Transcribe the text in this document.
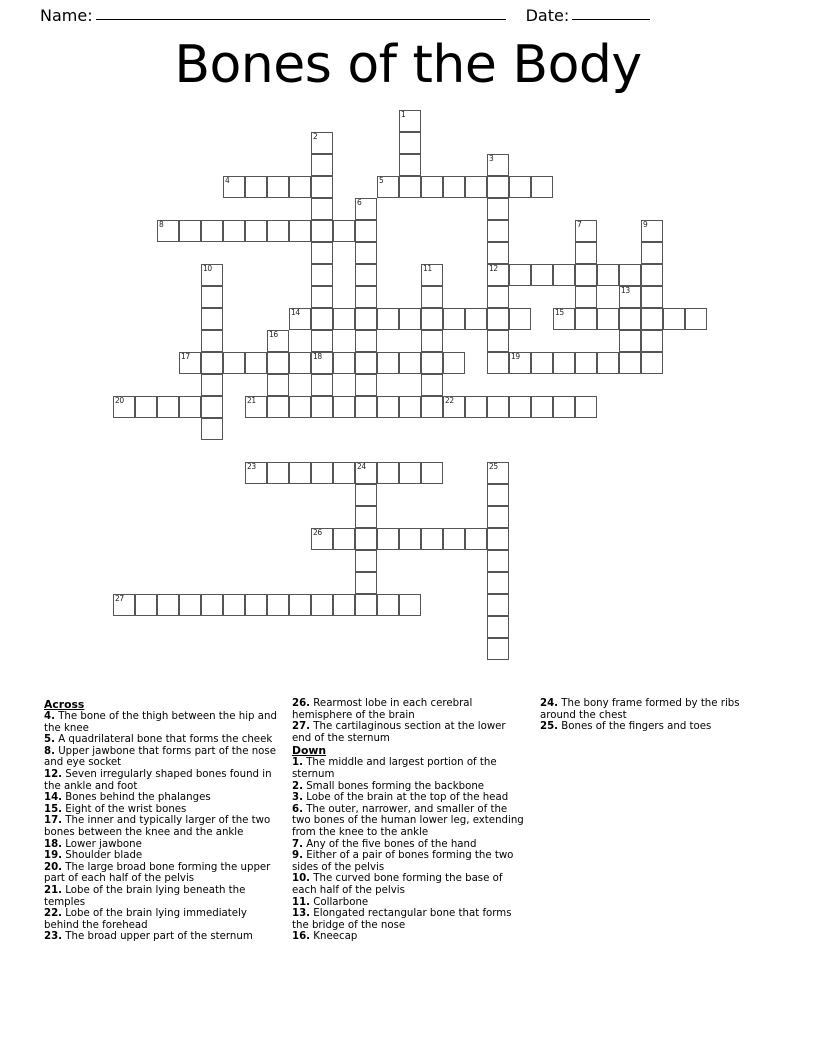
Name:	Date:
Bones of the Body
1
2
18
3
12
4	5
6
7
8	9
10	11
13
14	15
16
17	19
20	21	22
23	24	25
26
27
Across
4. The bone of the thigh between the hip and the knee
5. A quadrilateral bone that forms the cheek
8. Upper jawbone that forms part of the nose and eye socket
12. Seven irregularly shaped bones found in the ankle and foot
14. Bones behind the phalanges
15. Eight of the wrist bones
17. The inner and typically larger of the two bones between the knee and the ankle
18. Lower jawbone
19. Shoulder blade
20. The large broad bone forming the upper part of each half of the pelvis
21. Lobe of the brain lying beneath the temples
22. Lobe of the brain lying immediately behind the forehead
23. The broad upper part of the sternum
26. Rearmost lobe in each cerebral hemisphere of the brain
27. The cartilaginous section at the lower end of the sternum
Down
1. The middle and largest portion of the sternum
2. Small bones forming the backbone
3. Lobe of the brain at the top of the head
6. The outer, narrower, and smaller of the two bones of the human lower leg, extending from the knee to the ankle
7. Any of the five bones of the hand
9. Either of a pair of bones forming the two sides of the pelvis
10. The curved bone forming the base of each half of the pelvis
11. Collarbone
13. Elongated rectangular bone that forms the bridge of the nose
16. Kneecap
24. The bony frame formed by the ribs around the chest
25. Bones of the fingers and toes
